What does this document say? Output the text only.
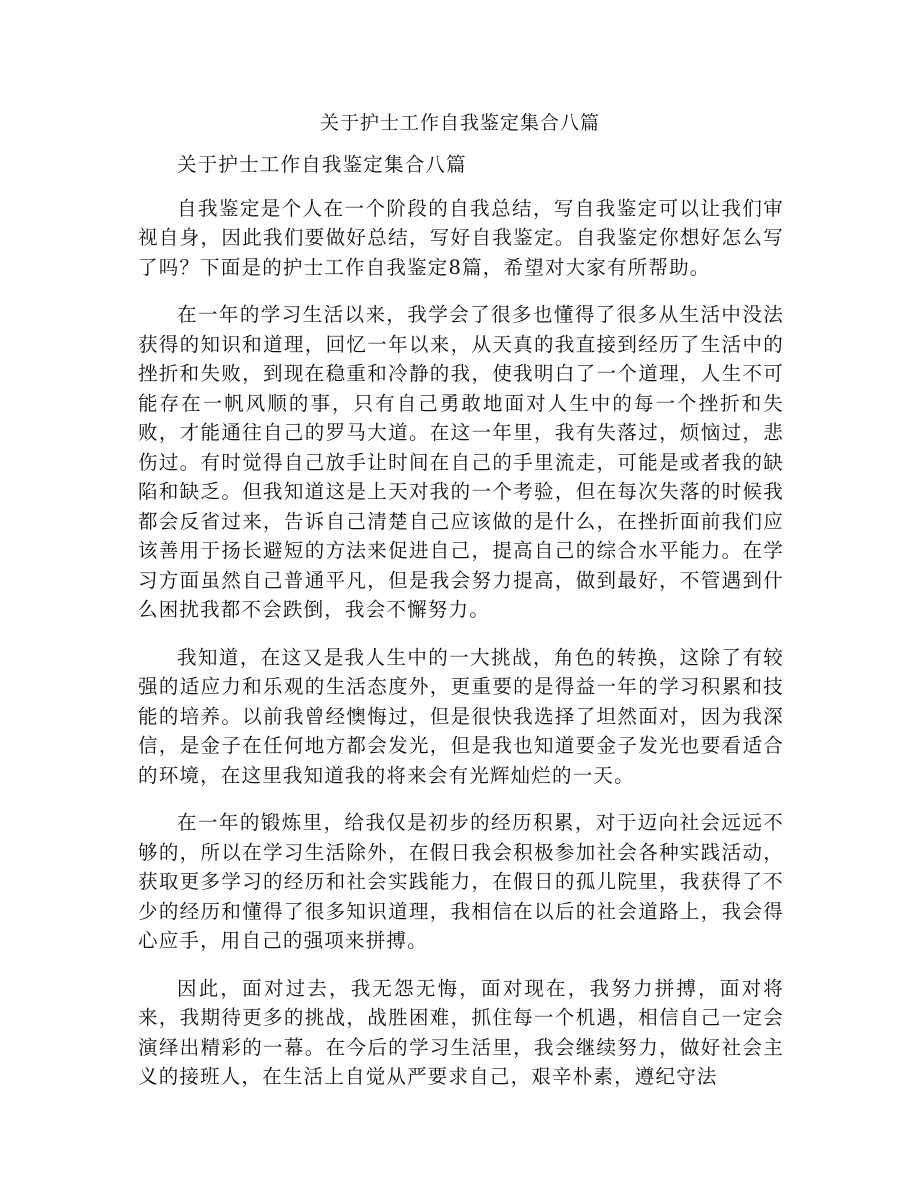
关于护士工作自我鉴定集合八篇

关于护士工作自我鉴定集合八篇

自我鉴定是个人在一个阶段的自我总结，写自我鉴定可以让我们审视自身，因此我们要做好总结，写好自我鉴定。自我鉴定你想好怎么写了吗？下面是的护士工作自我鉴定8篇，希望对大家有所帮助。

在一年的学习生活以来，我学会了很多也懂得了很多从生活中没法获得的知识和道理，回忆一年以来，从天真的我直接到经历了生活中的挫折和失败，到现在稳重和冷静的我，使我明白了一个道理，人生不可能存在一帆风顺的事，只有自己勇敢地面对人生中的每一个挫折和失败，才能通往自己的罗马大道。在这一年里，我有失落过，烦恼过，悲伤过。有时觉得自己放手让时间在自己的手里流走，可能是或者我的缺陷和缺乏。但我知道这是上天对我的一个考验，但在每次失落的时候我都会反省过来，告诉自己清楚自己应该做的是什么，在挫折面前我们应该善用于扬长避短的方法来促进自己，提高自己的综合水平能力。在学习方面虽然自己普通平凡，但是我会努力提高，做到最好，不管遇到什么困扰我都不会跌倒，我会不懈努力。

我知道，在这又是我人生中的一大挑战，角色的转换，这除了有较强的适应力和乐观的生活态度外，更重要的是得益一年的学习积累和技能的培养。以前我曾经懊悔过，但是很快我选择了坦然面对，因为我深信，是金子在任何地方都会发光，但是我也知道要金子发光也要看适合的环境，在这里我知道我的将来会有光辉灿烂的一天。

在一年的锻炼里，给我仅是初步的经历积累，对于迈向社会远远不够的，所以在学习生活除外，在假日我会积极参加社会各种实践活动，获取更多学习的经历和社会实践能力，在假日的孤儿院里，我获得了不少的经历和懂得了很多知识道理，我相信在以后的社会道路上，我会得心应手，用自己的强项来拼搏。

因此，面对过去，我无怨无悔，面对现在，我努力拼搏，面对将来，我期待更多的挑战，战胜困难，抓住每一个机遇，相信自己一定会演绎出精彩的一幕。在今后的学习生活里，我会继续努力，做好社会主义的接班人，在生活上自觉从严要求自己，艰辛朴素，遵纪守法
